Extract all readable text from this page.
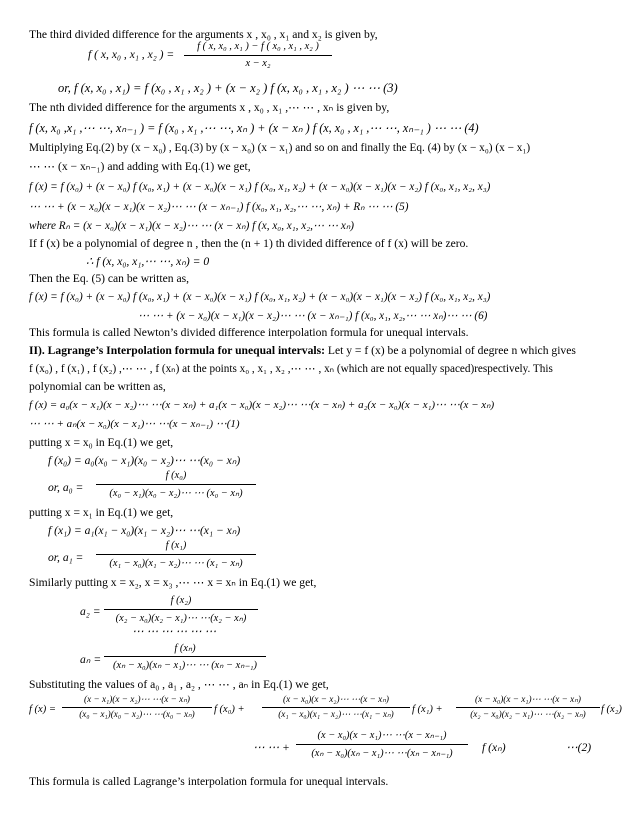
The third divided difference for the arguments x , x₀ , x₁ and x₂ is given by,
f ( x, x₀ , x₁ , x₂ ) =
f ( x, x₀ , x₁ ) − f ( x₀ , x₁ , x₂ )
x − x₂
or, f (x, x₀ , x₁) = f (x₀ , x₁ , x₂ ) + (x − x₂ ) f (x, x₀ , x₁ , x₂ ) ⋯ ⋯ (3)
The nth divided difference for the arguments x , x₀ , x₁ ,⋯ ⋯ , xₙ is given by,
f (x, x₀ ,x₁ ,⋯ ⋯, xₙ₋₁ ) = f (x₀ , x₁ ,⋯ ⋯, xₙ ) + (x − xₙ ) f (x, x₀ , x₁ ,⋯ ⋯, xₙ₋₁ ) ⋯ ⋯ (4)
Multiplying Eq.(2) by (x − x₀) , Eq.(3) by (x − x₀) (x − x₁) and so on and finally the Eq. (4) by (x − x₀) (x − x₁)
⋯ ⋯ (x − xₙ₋₁) and adding with Eq.(1) we get,
f (x) = f (x₀) + (x − x₀) f (x₀, x₁) + (x − x₀)(x − x₁) f (x₀, x₁, x₂) + (x − x₀)(x − x₁)(x − x₂) f (x₀, x₁, x₂, x₃)
⋯ ⋯ + (x − x₀)(x − x₁)(x − x₂)⋯ ⋯ (x − xₙ₋₁) f (x₀, x₁, x₂,⋯ ⋯, xₙ) + Rₙ ⋯ ⋯ (5)
where Rₙ = (x − x₀)(x − x₁)(x − x₂)⋯ ⋯ (x − xₙ) f (x, x₀, x₁, x₂,⋯ ⋯ xₙ)
If f (x) be a polynomial of degree n , then the (n + 1) th divided difference of f (x) will be zero.
∴ f (x, x₀, x₁,⋯ ⋯, xₙ) = 0
Then the Eq. (5) can be written as,
f (x) = f (x₀) + (x − x₀) f (x₀, x₁) + (x − x₀)(x − x₁) f (x₀, x₁, x₂) + (x − x₀)(x − x₁)(x − x₂) f (x₀, x₁, x₂, x₃)
⋯ ⋯ + (x − x₀)(x − x₁)(x − x₂)⋯ ⋯ (x − xₙ₋₁) f (x₀, x₁, x₂,⋯ ⋯ xₙ)⋯ ⋯ (6)
This formula is called Newton’s divided difference interpolation formula for unequal intervals.
II). Lagrange’s Interpolation formula for unequal intervals: Let y = f (x) be a polynomial of degree n which gives
f (x₀) , f (x₁) , f (x₂) ,⋯ ⋯ , f (xₙ) at the points x₀ , x₁ , x₂ ,⋯ ⋯ , xₙ (which are not equally spaced)respectively. This
polynomial can be written as,
f (x) = a₀(x − x₁)(x − x₂)⋯ ⋯(x − xₙ) + a₁(x − x₀)(x − x₂)⋯ ⋯(x − xₙ) + a₂(x − x₀)(x − x₁)⋯ ⋯(x − xₙ)
⋯ ⋯ + aₙ(x − x₀)(x − x₁)⋯ ⋯(x − xₙ₋₁) ⋯(1)
putting x = x₀ in Eq.(1) we get,
f (x₀) = a₀(x₀ − x₁)(x₀ − x₂)⋯ ⋯(x₀ − xₙ)
or, a₀ =
f (x₀)
(x₀ − x₁)(x₀ − x₂)⋯ ⋯ (x₀ − xₙ)
putting x = x₁ in Eq.(1) we get,
f (x₁) = a₁(x₁ − x₀)(x₁ − x₂)⋯ ⋯(x₁ − xₙ)
or, a₁ =
f (x₁)
(x₁ − x₀)(x₁ − x₂)⋯ ⋯ (x₁ − xₙ)
Similarly putting x = x₂, x = x₃ ,⋯ ⋯ x = xₙ in Eq.(1) we get,
a₂ =
f (x₂)
(x₂ − x₀)(x₂ − x₁)⋯ ⋯(x₂ − xₙ)
⋯ ⋯ ⋯ ⋯ ⋯ ⋯
aₙ =
f (xₙ)
(xₙ − x₀)(xₙ − x₁)⋯ ⋯ (xₙ − xₙ₋₁)
Substituting the values of a₀ , a₁ , a₂ , ⋯ ⋯ , aₙ in Eq.(1) we get,
f (x) =
(x − x₁)(x − x₂)⋯ ⋯(x − xₙ)
(x₀ − x₁)(x₀ − x₂)⋯ ⋯(x₀ − xₙ)	f (x₀) +
(x − x₀)(x − x₂)⋯ ⋯(x − xₙ)
(x₁ − x₀)(x₁ − x₂)⋯ ⋯(x₁ − xₙ)	f (x₁) +
(x − x₀)(x − x₁)⋯ ⋯(x − xₙ)
(x₂ − x₀)(x₂ − x₁)⋯ ⋯(x₂ − xₙ)	f (x₂)
⋯ ⋯ +
(x − x₀)(x − x₁)⋯ ⋯(x − xₙ₋₁)
(xₙ − x₀)(xₙ − x₁)⋯ ⋯(xₙ − xₙ₋₁)	f (xₙ)	⋯(2)
This formula is called Lagrange’s interpolation formula for unequal intervals.
